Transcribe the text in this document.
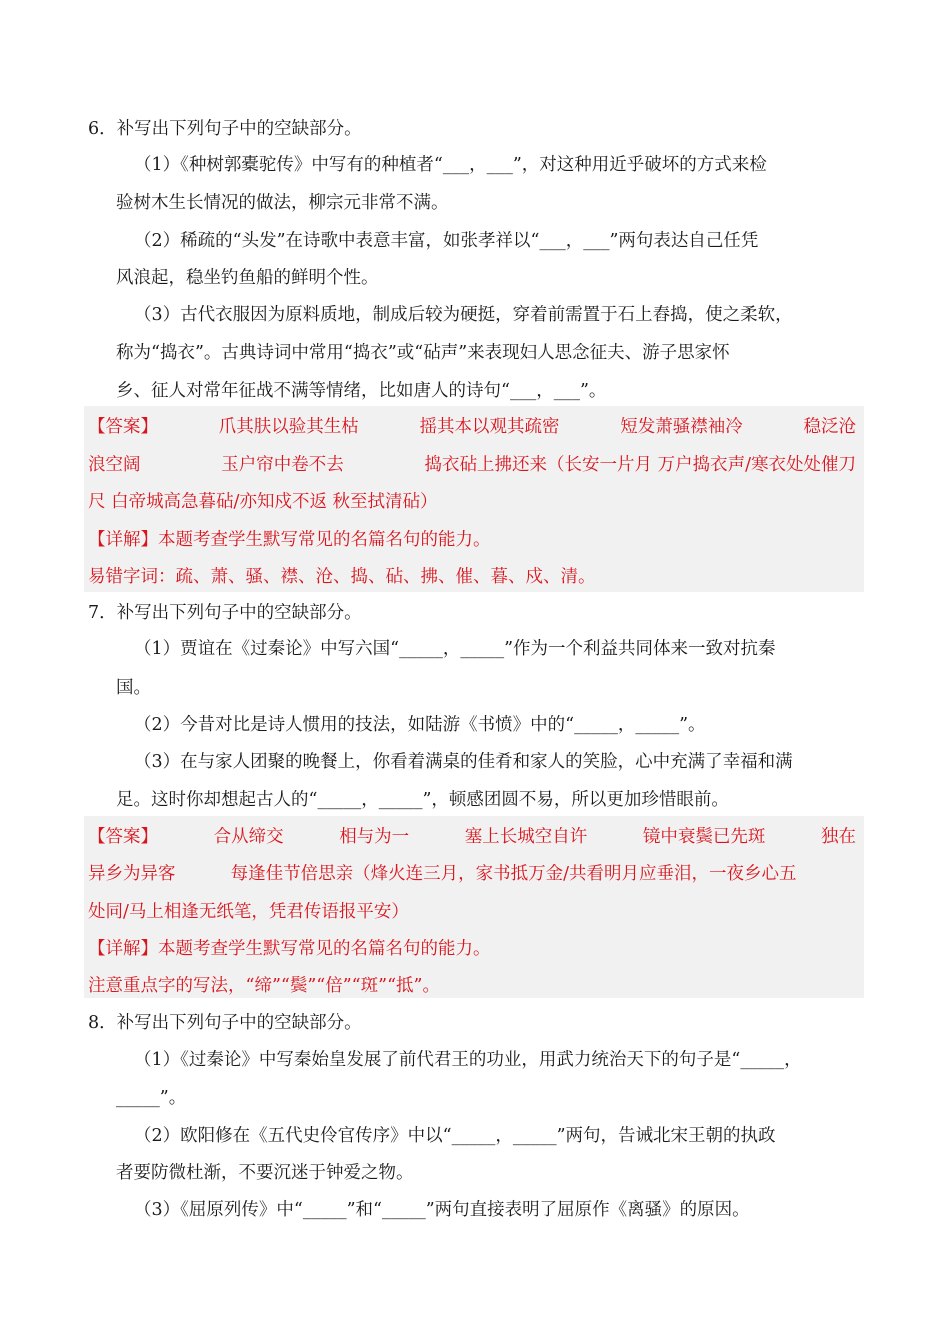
6．补写出下列句子中的空缺部分。
（1）《种树郭橐驼传》中写有的种植者“___，___”，对这种用近乎破坏的方式来检
验树木生长情况的做法，柳宗元非常不满。
（2）稀疏的“头发”在诗歌中表意丰富，如张孝祥以“___，___”两句表达自己任凭
风浪起，稳坐钓鱼船的鲜明个性。
（3）古代衣服因为原料质地，制成后较为硬挺，穿着前需置于石上舂捣，使之柔软，
称为“捣衣”。古典诗词中常用“捣衣”或“砧声”来表现妇人思念征夫、游子思家怀
乡、征人对常年征战不满等情绪，比如唐人的诗句“___，___”。
【答案】	爪其肤以验其生枯	摇其本以观其疏密	短发萧骚襟袖冷	稳泛沧
浪空阔	玉户帘中卷不去	捣衣砧上拂还来（长安一片月 万户捣衣声/寒衣处处催刀
尺 白帝城高急暮砧/亦知戍不返 秋至拭清砧）
【详解】本题考查学生默写常见的名篇名句的能力。
易错字词：疏、萧、骚、襟、沧、捣、砧、拂、催、暮、戍、清。
7．补写出下列句子中的空缺部分。
（1）贾谊在《过秦论》中写六国“_____，_____”作为一个利益共同体来一致对抗秦
国。
（2）今昔对比是诗人惯用的技法，如陆游《书愤》中的“_____，_____”。
（3）在与家人团聚的晚餐上，你看着满桌的佳肴和家人的笑脸，心中充满了幸福和满
足。这时你却想起古人的“_____，_____”，顿感团圆不易，所以更加珍惜眼前。
【答案】	合从缔交	相与为一	塞上长城空自许	镜中衰鬓已先斑	独在
异乡为异客	每逢佳节倍思亲（烽火连三月，家书抵万金/共看明月应垂泪，一夜乡心五
处同/马上相逢无纸笔，凭君传语报平安）
【详解】本题考查学生默写常见的名篇名句的能力。
注意重点字的写法，“缔”“鬓”“倍”“斑”“抵”。
8．补写出下列句子中的空缺部分。
（1）《过秦论》中写秦始皇发展了前代君王的功业，用武力统治天下的句子是“_____，
_____”。
（2）欧阳修在《五代史伶官传序》中以“_____，_____”两句，告诫北宋王朝的执政
者要防微杜渐，不要沉迷于钟爱之物。
（3）《屈原列传》中“_____”和“_____”两句直接表明了屈原作《离骚》的原因。
